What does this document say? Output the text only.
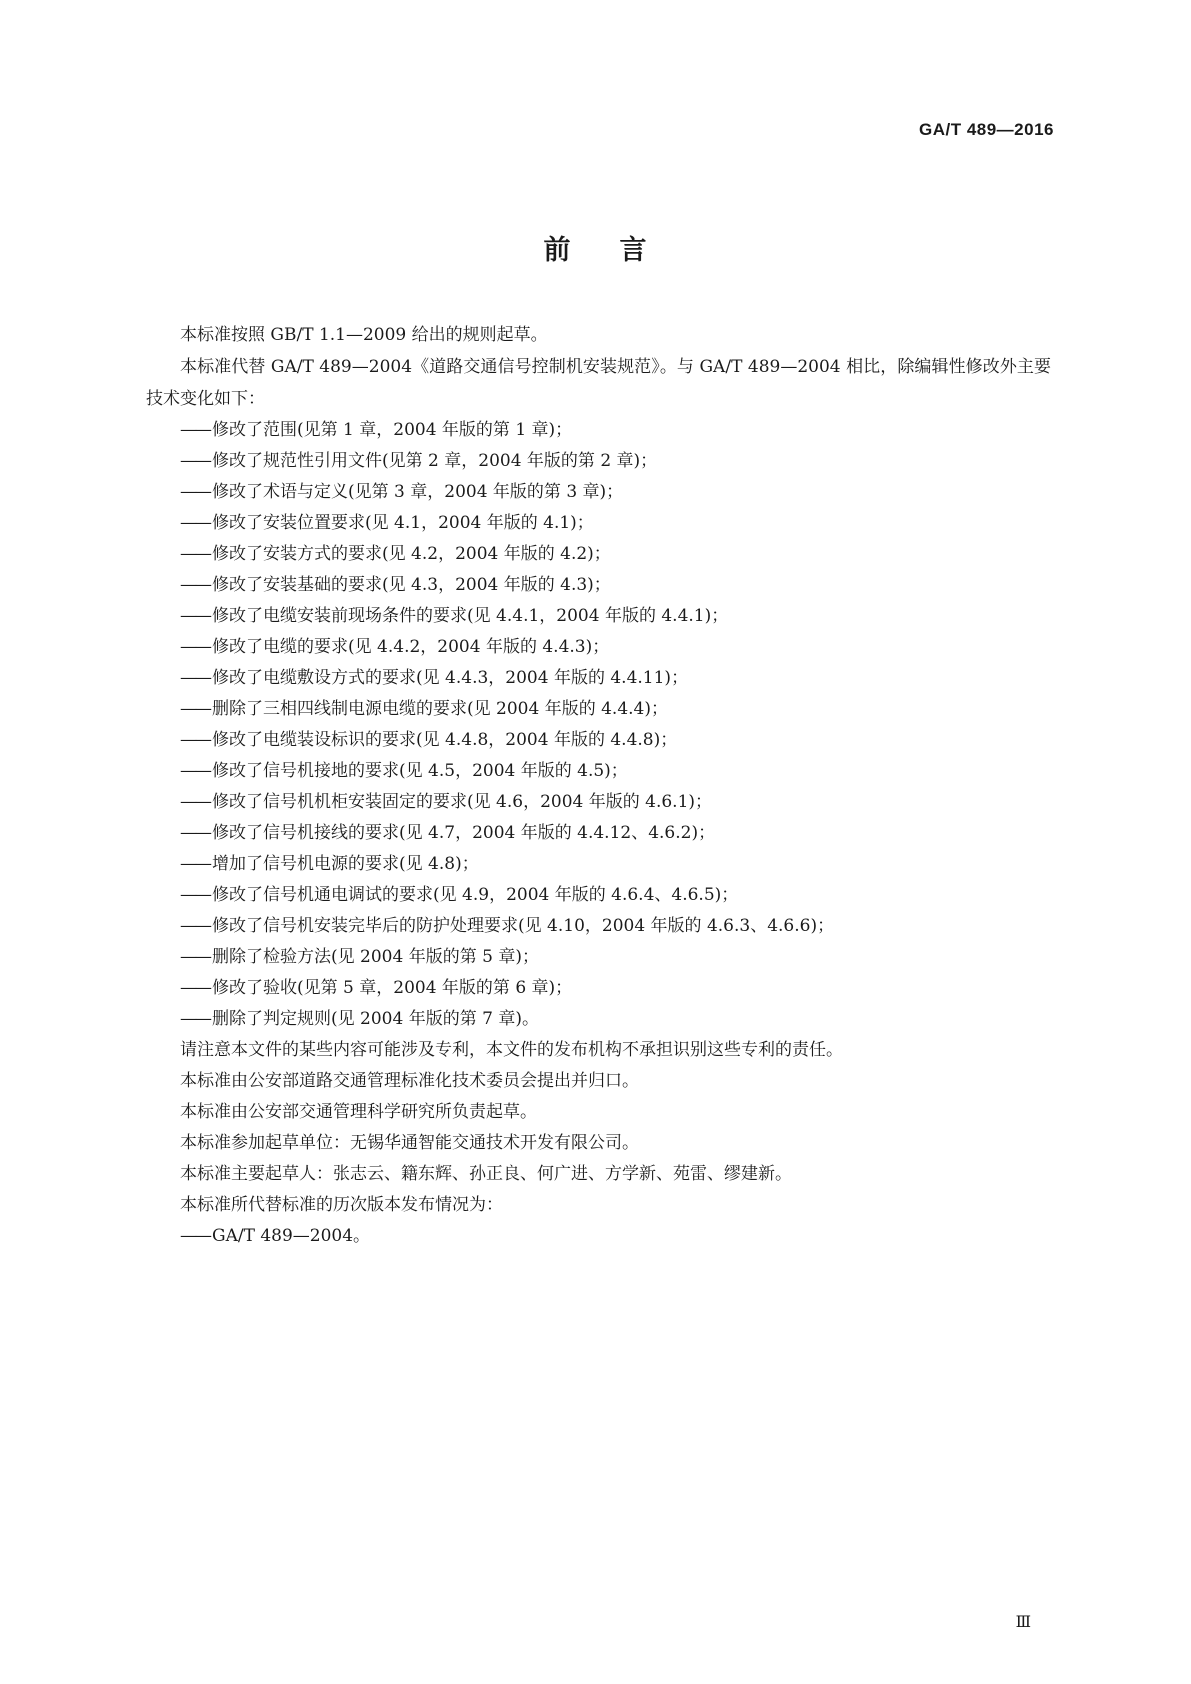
GA/T 489—2016
前 言

本标准按照 GB/T 1.1—2009 给出的规则起草。

本标准代替 GA/T 489—2004《道路交通信号控制机安装规范》。与 GA/T 489—2004 相比，除编辑性修改外主要技术变化如下：

—— 修改了范围(见第 1 章，2004 年版的第 1 章)；

—— 修改了规范性引用文件(见第 2 章，2004 年版的第 2 章)；

—— 修改了术语与定义(见第 3 章，2004 年版的第 3 章)；

—— 修改了安装位置要求(见 4.1，2004 年版的 4.1)；

—— 修改了安装方式的要求(见 4.2，2004 年版的 4.2)；

—— 修改了安装基础的要求(见 4.3，2004 年版的 4.3)；

—— 修改了电缆安装前现场条件的要求(见 4.4.1，2004 年版的 4.4.1)；

—— 修改了电缆的要求(见 4.4.2，2004 年版的 4.4.3)；

—— 修改了电缆敷设方式的要求(见 4.4.3，2004 年版的 4.4.11)；

—— 删除了三相四线制电源电缆的要求(见 2004 年版的 4.4.4)；

—— 修改了电缆装设标识的要求(见 4.4.8，2004 年版的 4.4.8)；

—— 修改了信号机接地的要求(见 4.5，2004 年版的 4.5)；

—— 修改了信号机机柜安装固定的要求(见 4.6，2004 年版的 4.6.1)；

—— 修改了信号机接线的要求(见 4.7，2004 年版的 4.4.12、4.6.2)；

—— 增加了信号机电源的要求(见 4.8)；

—— 修改了信号机通电调试的要求(见 4.9，2004 年版的 4.6.4、4.6.5)；

—— 修改了信号机安装完毕后的防护处理要求(见 4.10，2004 年版的 4.6.3、4.6.6)；

—— 删除了检验方法(见 2004 年版的第 5 章)；

—— 修改了验收(见第 5 章，2004 年版的第 6 章)；

—— 删除了判定规则(见 2004 年版的第 7 章)。

请注意本文件的某些内容可能涉及专利，本文件的发布机构不承担识别这些专利的责任。

本标准由公安部道路交通管理标准化技术委员会提出并归口。

本标准由公安部交通管理科学研究所负责起草。

本标准参加起草单位：无锡华通智能交通技术开发有限公司。

本标准主要起草人：张志云、籍东辉、孙正良、何广进、方学新、苑雷、缪建新。

本标准所代替标准的历次版本发布情况为：

—— GA/T 489—2004。

Ⅲ
